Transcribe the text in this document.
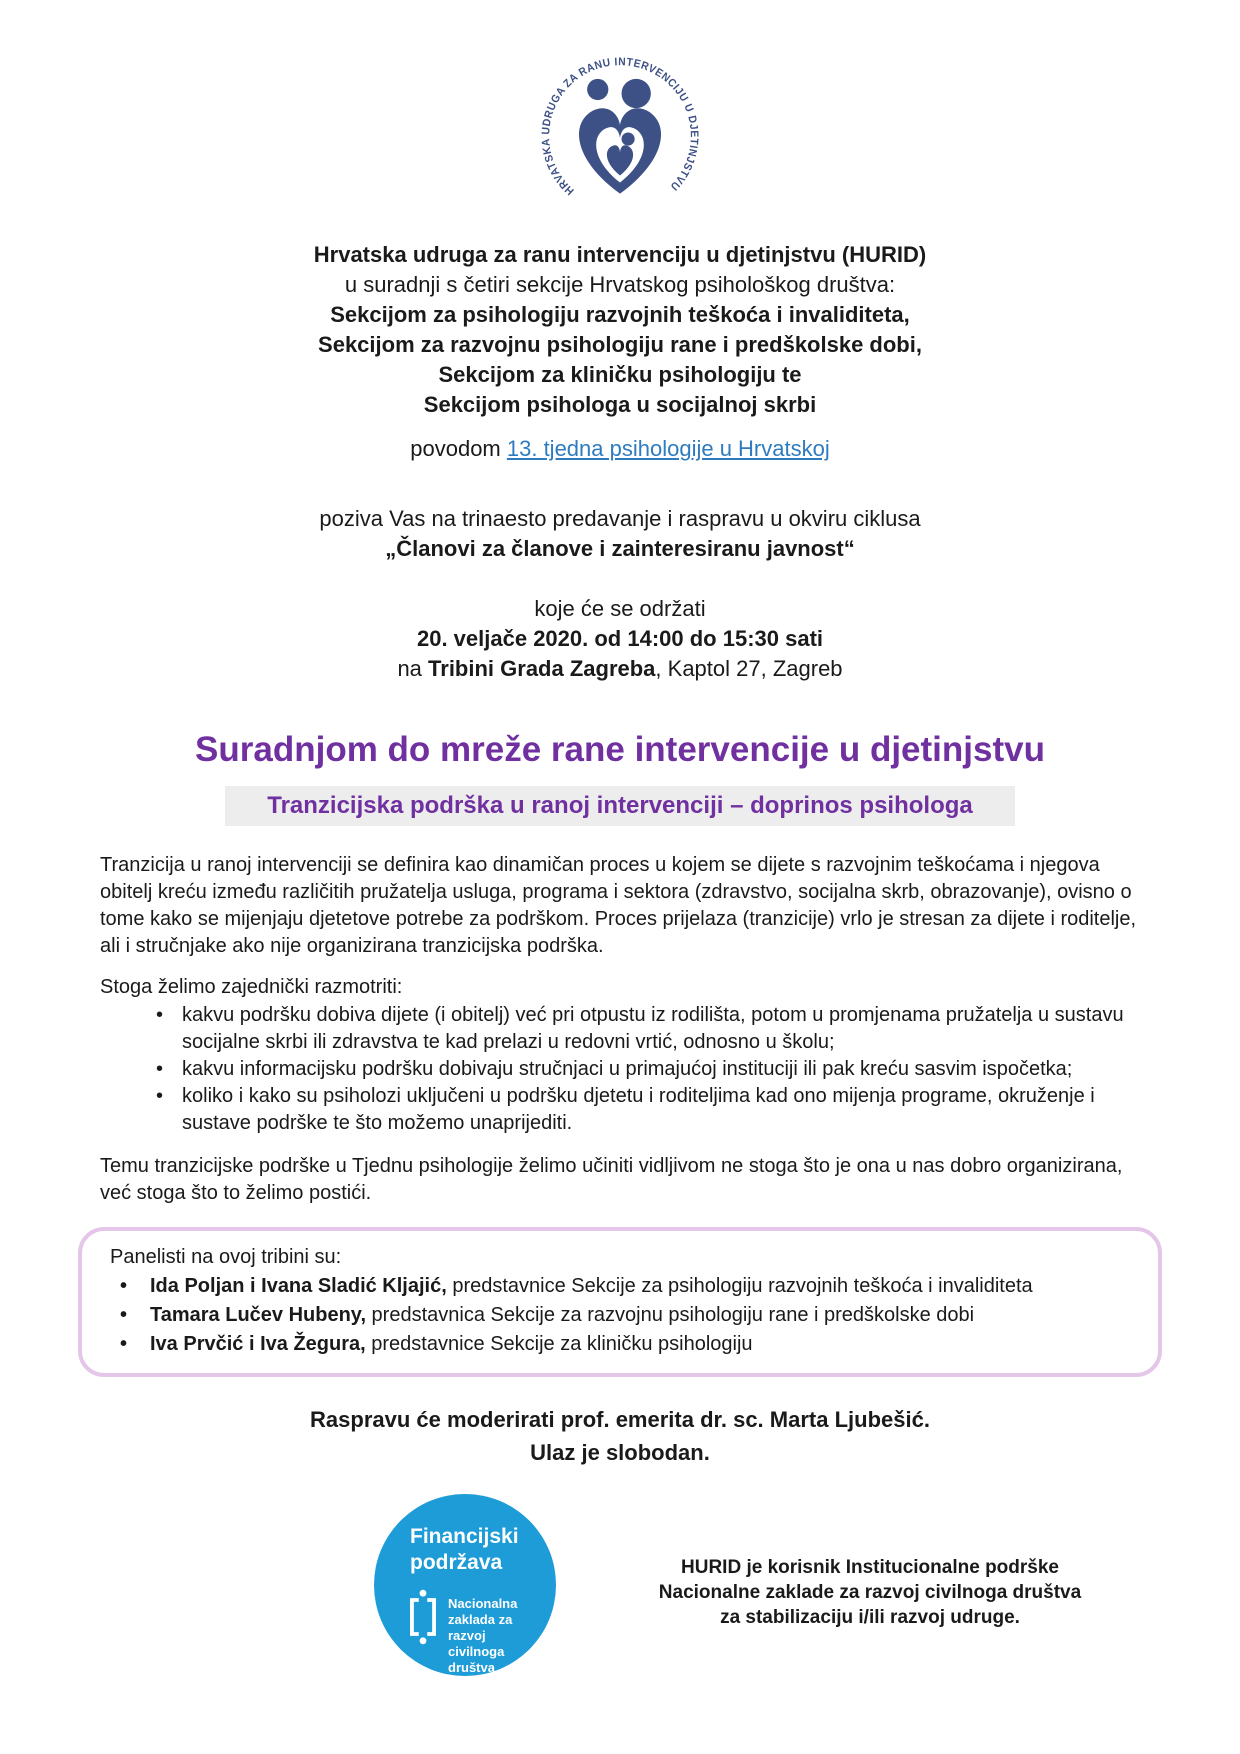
HRVATSKA UDRUGA ZA RANU INTERVENCIJU U DJETINJSTVU

Hrvatska udruga za ranu intervenciju u djetinjstvu (HURID)

u suradnji s četiri sekcije Hrvatskog psihološkog društva:

Sekcijom za psihologiju razvojnih teškoća i invaliditeta,

Sekcijom za razvojnu psihologiju rane i predškolske dobi,

Sekcijom za kliničku psihologiju te

Sekcijom psihologa u socijalnoj skrbi

povodom 13. tjedna psihologije u Hrvatskoj

poziva Vas na trinaesto predavanje i raspravu u okviru ciklusa

„Članovi za članove i zainteresiranu javnost“

koje će se održati

20. veljače 2020. od 14:00 do 15:30 sati

na Tribini Grada Zagreba, Kaptol 27, Zagreb

Suradnjom do mreže rane intervencije u djetinjstvu
Tranzicijska podrška u ranoj intervenciji – doprinos psihologa

Tranzicija u ranoj intervenciji se definira kao dinamičan proces u kojem se dijete s razvojnim teškoćama i njegova obitelj kreću između različitih pružatelja usluga, programa i sektora (zdravstvo, socijalna skrb, obrazovanje), ovisno o tome kako se mijenjaju djetetove potrebe za podrškom. Proces prijelaza (tranzicije) vrlo je stresan za dijete i roditelje, ali i stručnjake ako nije organizirana tranzicijska podrška.

Stoga želimo zajednički razmotriti:

• kakvu podršku dobiva dijete (i obitelj) već pri otpustu iz rodilišta, potom u promjenama pružatelja u sustavu socijalne skrbi ili zdravstva te kad prelazi u redovni vrtić, odnosno u školu;
• kakvu informacijsku podršku dobivaju stručnjaci u primajućoj instituciji ili pak kreću sasvim ispočetka;
• koliko i kako su psiholozi uključeni u podršku djetetu i roditeljima kad ono mijenja programe, okruženje i sustave podrške te što možemo unaprijediti.

Temu tranzicijske podrške u Tjednu psihologije želimo učiniti vidljivom ne stoga što je ona u nas dobro organizirana, već stoga što to želimo postići.

Panelisti na ovoj tribini su:

• Ida Poljan i Ivana Sladić Kljajić, predstavnice Sekcije za psihologiju razvojnih teškoća i invaliditeta
• Tamara Lučev Hubeny, predstavnica Sekcije za razvojnu psihologiju rane i predškolske dobi
• Iva Prvčić i Iva Žegura, predstavnice Sekcije za kliničku psihologiju

Raspravu će moderirati prof. emerita dr. sc. Marta Ljubešić.

Ulaz je slobodan.

Financijski podržava
Nacionalna zaklada za razvoj civilnoga društva
HURID je korisnik Institucionalne podrške
Nacionalne zaklade za razvoj civilnoga društva
za stabilizaciju i/ili razvoj udruge.
